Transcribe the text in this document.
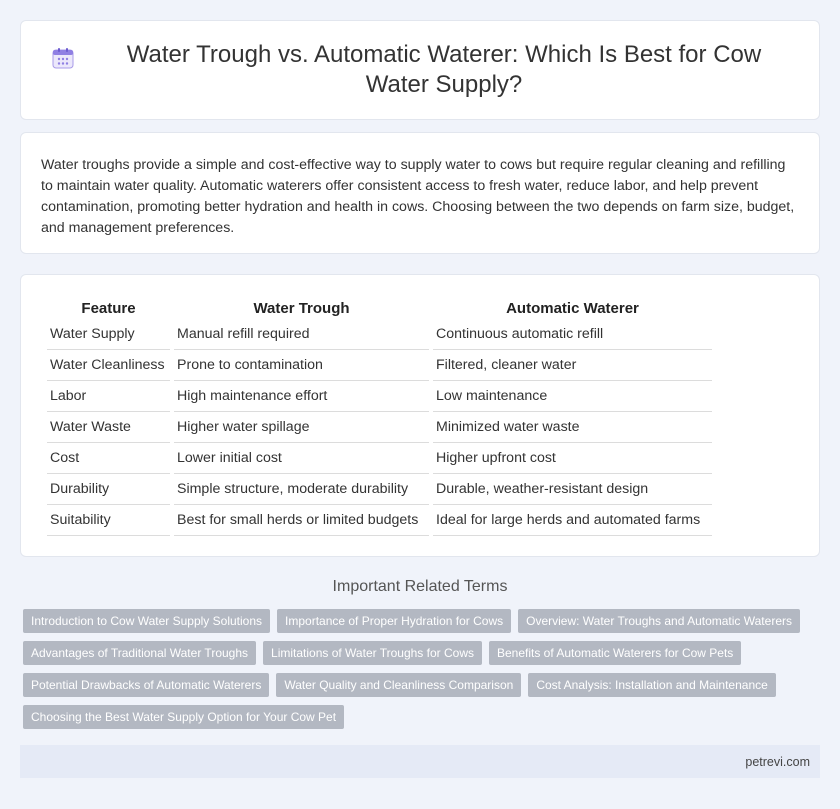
Water Trough vs. Automatic Waterer: Which Is Best for Cow Water Supply?

Water troughs provide a simple and cost-effective way to supply water to cows but require regular cleaning and refilling to maintain water quality. Automatic waterers offer consistent access to fresh water, reduce labor, and help prevent contamination, promoting better hydration and health in cows. Choosing between the two depends on farm size, budget, and management preferences.

Feature	Water Trough	Automatic Waterer
Water Supply	Manual refill required	Continuous automatic refill
Water Cleanliness	Prone to contamination	Filtered, cleaner water
Labor	High maintenance effort	Low maintenance
Water Waste	Higher water spillage	Minimized water waste
Cost	Lower initial cost	Higher upfront cost
Durability	Simple structure, moderate durability	Durable, weather-resistant design
Suitability	Best for small herds or limited budgets	Ideal for large herds and automated farms
Important Related Terms
Introduction to Cow Water Supply Solutions	Importance of Proper Hydration for Cows	Overview: Water Troughs and Automatic Waterers
Advantages of Traditional Water Troughs	Limitations of Water Troughs for Cows	Benefits of Automatic Waterers for Cow Pets
Potential Drawbacks of Automatic Waterers	Water Quality and Cleanliness Comparison	Cost Analysis: Installation and Maintenance
Choosing the Best Water Supply Option for Your Cow Pet
petrevi.com
